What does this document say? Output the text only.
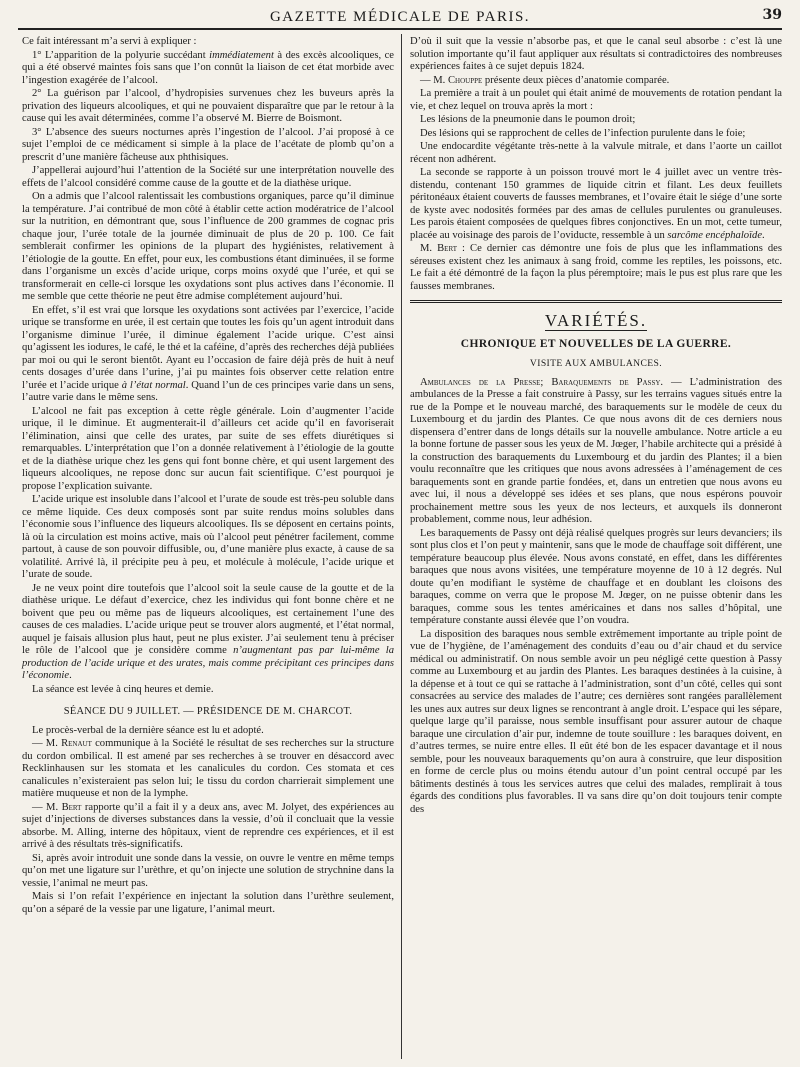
GAZETTE MÉDICALE DE PARIS.	39

Ce fait intéressant m’a servi à expliquer :

1° L’apparition de la polyurie succédant immédiatement à des excès alcooliques, ce qui a été observé maintes fois sans que l’on connût la liaison de cet état morbide avec l’ingestion exagérée de l’alcool.

2° La guérison par l’alcool, d’hydropisies survenues chez les buveurs après la privation des liqueurs alcooliques, et qui ne pouvaient disparaître que par le retour à la cause qui les avait déterminées, comme l’a observé M. Bierre de Boismont.

3° L’absence des sueurs nocturnes après l’ingestion de l’alcool. J’ai proposé à ce sujet l’emploi de ce médicament si simple à la place de l’acétate de plomb qu’on a prescrit d’une manière fâcheuse aux phthisiques.

J’appellerai aujourd’hui l’attention de la Société sur une interprétation nouvelle des effets de l’alcool considéré comme cause de la goutte et de la diathèse urique.

On a admis que l’alcool ralentissait les combustions organiques, parce qu’il diminue la température. J’ai contribué de mon côté à établir cette action modératrice de l’alcool sur la nutrition, en démontrant que, sous l’influence de 200 grammes de cognac pris chaque jour, l’urée totale de la journée diminuait de plus de 20 p. 100. Ce fait semblerait confirmer les opinions de la plupart des hygiénistes, relativement à l’étiologie de la goutte. En effet, pour eux, les combustions étant diminuées, il se forme dans l’organisme un excès d’acide urique, corps moins oxydé que l’urée, et qui se transformerait en celle-ci lorsque les oxydations sont plus actives dans l’économie. Il me semble que cette théorie ne peut être admise complétement aujourd’hui.

En effet, s’il est vrai que lorsque les oxydations sont activées par l’exercice, l’acide urique se transforme en urée, il est certain que toutes les fois qu’un agent introduit dans l’organisme diminue l’urée, il diminue également l’acide urique. C’est ainsi qu’agissent les iodures, le café, le thé et la caféine, d’après des recherches déjà publiées par moi ou qui le seront bientôt. Ayant eu l’occasion de faire déjà près de huit à neuf cents dosages d’urée dans l’urine, j’ai pu maintes fois observer cette relation entre l’urée et l’acide urique à l’état normal. Quand l’un de ces principes varie dans un sens, l’autre varie dans le même sens.

L’alcool ne fait pas exception à cette règle générale. Loin d’augmenter l’acide urique, il le diminue. Et augmenterait-il d’ailleurs cet acide qu’il en favoriserait l’élimination, ainsi que celle des urates, par suite de ses effets diurétiques si remarquables. L’interprétation que l’on a donnée relativement à l’étiologie de la goutte et de la diathèse urique chez les gens qui font bonne chère, et qui usent largement des liqueurs alcooliques, ne repose donc sur aucun fait scientifique. C’est pourquoi je propose l’explication suivante.

L’acide urique est insoluble dans l’alcool et l’urate de soude est très-peu soluble dans ce même liquide. Ces deux composés sont par suite rendus moins solubles dans l’économie sous l’influence des liqueurs alcooliques. Ils se déposent en certains points, là où la circulation est moins active, mais où l’alcool peut pénétrer facilement, comme partout, à cause de son pouvoir diffusible, ou, d’une manière plus exacte, à cause de sa volatilité. Arrivé là, il précipite peu à peu, et molécule à molécule, l’acide urique et l’urate de soude.

Je ne veux point dire toutefois que l’alcool soit la seule cause de la goutte et de la diathèse urique. Le défaut d’exercice, chez les individus qui font bonne chère et ne boivent que peu ou même pas de liqueurs alcooliques, est certainement l’une des causes de ces maladies. L’acide urique peut se trouver alors augmenté, et l’état normal, auquel je faisais allusion plus haut, peut ne plus exister. J’ai seulement tenu à préciser le rôle de l’alcool que je considère comme n’augmentant pas par lui-même la production de l’acide urique et des urates, mais comme précipitant ces principes dans l’économie.

La séance est levée à cinq heures et demie.

SÉANCE DU 9 JUILLET. — PRÉSIDENCE DE M. CHARCOT.

Le procès-verbal de la dernière séance est lu et adopté.

— M. Renaut communique à la Société le résultat de ses recherches sur la structure du cordon ombilical. Il est amené par ses recherches à se trouver en désaccord avec Recklinhausen sur les stomata et les canalicules du cordon. Ces stomata et ces canalicules n’existeraient pas selon lui; le tissu du cordon charrierait simplement une matière muqueuse et non de la lymphe.

— M. Bert rapporte qu’il a fait il y a deux ans, avec M. Jolyet, des expériences au sujet d’injections de diverses substances dans la vessie, d’où il concluait que la vessie absorbe. M. Alling, interne des hôpitaux, vient de reprendre ces expériences, et il est arrivé à des résultats très-significatifs.

Si, après avoir introduit une sonde dans la vessie, on ouvre le ventre en même temps qu’on met une ligature sur l’urèthre, et qu’on injecte une solution de strychnine dans la vessie, l’animal ne meurt pas.

Mais si l’on refait l’expérience en injectant la solution dans l’urèthre seulement, qu’on a séparé de la vessie par une ligature, l’animal meurt.

D’où il suit que la vessie n’absorbe pas, et que le canal seul absorbe : c’est là une solution importante qu’il faut appliquer aux résultats si contradictoires des nombreuses expériences faites à ce sujet depuis 1824.

— M. Chouppe présente deux pièces d’anatomie comparée.

La première a trait à un poulet qui était animé de mouvements de rotation pendant la vie, et chez lequel on trouva après la mort :

Les lésions de la pneumonie dans le poumon droit;

Des lésions qui se rapprochent de celles de l’infection purulente dans le foie;

Une endocardite végétante très-nette à la valvule mitrale, et dans l’aorte un caillot récent non adhérent.

La seconde se rapporte à un poisson trouvé mort le 4 juillet avec un ventre très-distendu, contenant 150 grammes de liquide citrin et filant. Les deux feuillets péritonéaux étaient couverts de fausses membranes, et l’ovaire était le siége d’une sorte de kyste avec nodosités formées par des amas de cellules purulentes ou granuleuses. Les parois étaient composées de quelques fibres conjonctives. En un mot, cette tumeur, placée au voisinage des parois de l’oviducte, ressemble à un sarcôme encéphaloïde.

M. Bert : Ce dernier cas démontre une fois de plus que les inflammations des séreuses existent chez les animaux à sang froid, comme les reptiles, les poissons, etc. Le fait a été démontré de la façon la plus péremptoire; mais le pus est plus rare que les fausses membranes.

VARIÉTÉS.
CHRONIQUE ET NOUVELLES DE LA GUERRE.
VISITE AUX AMBULANCES.

Ambulances de la Presse; Baraquements de Passy. — L’administration des ambulances de la Presse a fait construire à Passy, sur les terrains vagues situés entre la rue de la Pompe et le nouveau marché, des baraquements sur le modèle de ceux du Luxembourg et du jardin des Plantes. Ce que nous avons dit de ces derniers nous dispensera d’entrer dans de longs détails sur la nouvelle ambulance. Notre article a eu la bonne fortune de passer sous les yeux de M. Jœger, l’habile architecte qui a présidé à la construction des baraquements du Luxembourg et du jardin des Plantes; il a bien voulu reconnaître que les critiques que nous avons adressées à l’aménagement de ces baraquements sont en grande partie fondées, et, dans un entretien que nous avons eu avec lui, il nous a développé ses idées et ses plans, que nous espérons pouvoir prochainement mettre sous les yeux de nos lecteurs, et auxquels ils donneront probablement, comme nous, leur adhésion.

Les baraquements de Passy ont déjà réalisé quelques progrès sur leurs devanciers; ils sont plus clos et l’on peut y maintenir, sans que le mode de chauffage soit différent, une température beaucoup plus élevée. Nous avons constaté, en effet, dans les différentes baraques que nous avons visitées, une température moyenne de 10 à 12 degrés. Nul doute qu’en modifiant le système de chauffage et en doublant les cloisons des baraques, comme on verra que le propose M. Jœger, on ne puisse obtenir dans les baraques, comme sous les tentes américaines et dans nos salles d’hôpital, une température constante aussi élevée que l’on voudra.

La disposition des baraques nous semble extrêmement importante au triple point de vue de l’hygiène, de l’aménagement des conduits d’eau ou d’air chaud et du service médical ou administratif. On nous semble avoir un peu négligé cette question à Passy comme au Luxembourg et au jardin des Plantes. Les baraques destinées à la cuisine, à la dépense et à tout ce qui se rattache à l’administration, sont d’un côté, celles qui sont consacrées au service des malades de l’autre; ces dernières sont rangées parallèlement les unes aux autres sur deux lignes se rencontrant à angle droit. L’espace qui les sépare, quelque large qu’il paraisse, nous semble insuffisant pour assurer autour de chaque baraque une circulation d’air pur, indemne de toute souillure : les baraques doivent, en d’autres termes, se nuire entre elles. Il eût été bon de les espacer davantage et il nous semble, pour les nouveaux baraquements qu’on aura à construire, que leur disposition en forme de cercle plus ou moins étendu autour d’un point central occupé par les bâtiments destinés à tous les services autres que celui des malades, remplirait à tous égards des conditions plus favorables. Il va sans dire qu’on doit toujours tenir compte des
